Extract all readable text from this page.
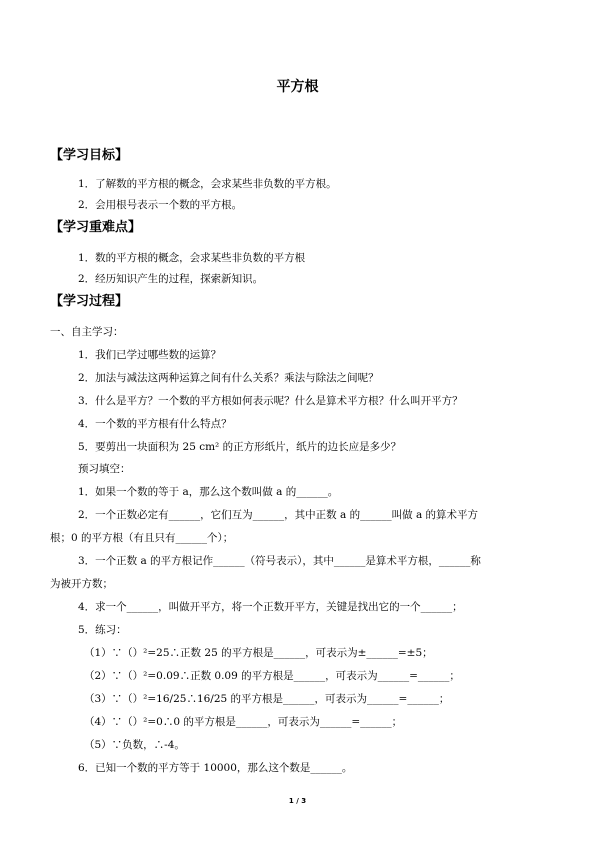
平方根
【学习目标】
1．了解数的平方根的概念，会求某些非负数的平方根。
2．会用根号表示一个数的平方根。
【学习重难点】
1．数的平方根的概念，会求某些非负数的平方根
2．经历知识产生的过程，探索新知识。
【学习过程】
一、自主学习：
1．我们已学过哪些数的运算？
2．加法与减法这两种运算之间有什么关系？乘法与除法之间呢？
3．什么是平方？一个数的平方根如何表示呢？什么是算术平方根？什么叫开平方？
4．一个数的平方根有什么特点？
5．要剪出一块面积为 25 cm² 的正方形纸片，纸片的边长应是多少？
预习填空：
1．如果一个数的等于 a，那么这个数叫做 a 的______。
2．一个正数必定有______，它们互为______，其中正数 a 的______叫做 a 的算术平方
根；0 的平方根（有且只有______个）；
3．一个正数 a 的平方根记作______（符号表示），其中______是算术平方根，______称
为被开方数；
4．求一个______，叫做开平方，将一个正数开平方，关键是找出它的一个______；
5．练习：
（1）∵（）²=25∴正数 25 的平方根是______，可表示为±______=±5；
（2）∵（）²=0.09∴正数 0.09 的平方根是______，可表示为______=______；
（3）∵（）²=16/25∴16/25 的平方根是______，可表示为______=______；
（4）∵（）²=0∴0 的平方根是______，可表示为______=______；
（5）∵负数，∴-4。
6．已知一个数的平方等于 10000，那么这个数是______。
1 / 3
